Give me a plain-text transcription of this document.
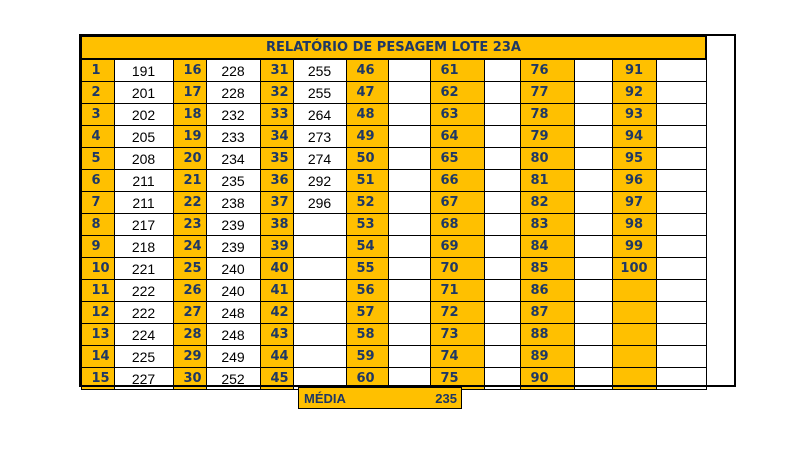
RELATÓRIO DE PESAGEM LOTE 23A													
1	191	16	228	31	255	46		61		76		91	
2	201	17	228	32	255	47		62		77		92	
3	202	18	232	33	264	48		63		78		93	
4	205	19	233	34	273	49		64		79		94	
5	208	20	234	35	274	50		65		80		95	
6	211	21	235	36	292	51		66		81		96	
7	211	22	238	37	296	52		67		82		97	
8	217	23	239	38		53		68		83		98	
9	218	24	239	39		54		69		84		99	
10	221	25	240	40		55		70		85		100	
11	222	26	240	41		56		71		86			
12	222	27	248	42		57		72		87			
13	224	28	248	43		58		73		88			
14	225	29	249	44		59		74		89			
15	227	30	252	45		60		75		90			
MÉDIA	235
